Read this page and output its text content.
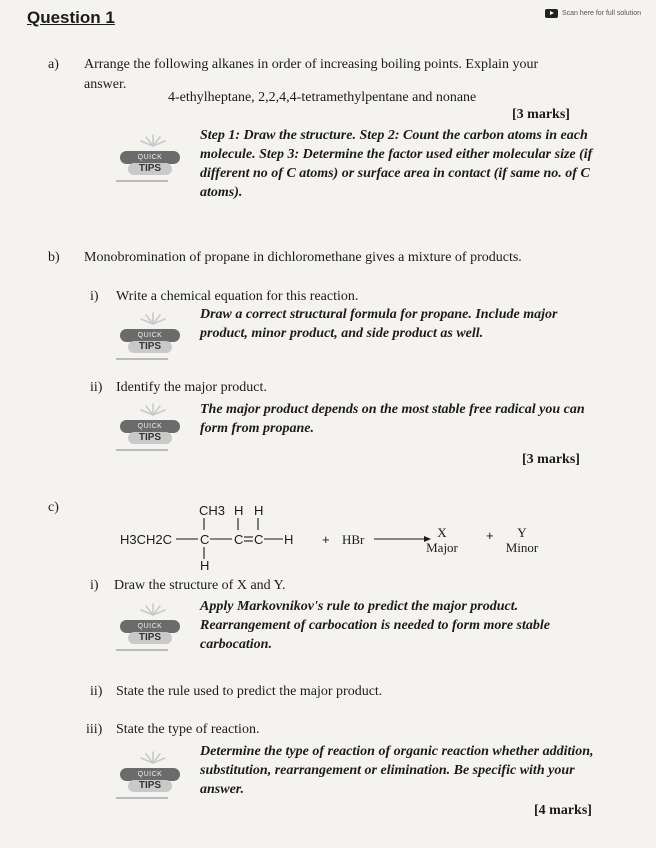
Question 1	Scan here for full solution
a) Arrange the following alkanes in order of increasing boiling points. Explain your
answer.
4-ethylheptane, 2,2,4,4-tetramethylpentane and nonane
[3 marks]
QUICK
TIPS
Step 1: Draw the structure. Step 2: Count the carbon atoms in each molecule. Step 3: Determine the factor used either molecular size (if different no of C atoms) or surface area in contact (if same no. of C atoms).
b) Monobromination of propane in dichloromethane gives a mixture of products.
i) Write a chemical equation for this reaction.
QUICK
TIPS
Draw a correct structural formula for propane. Include major product, minor product, and side product as well.
ii) Identify the major product.
QUICK
TIPS
The major product depends on the most stable free radical you can form from propane.
[3 marks]
c)
H3CH2C
CH3 H H
C C C H
H
+ HBr	X
Major
+ Y
Minor
i) Draw the structure of X and Y.
QUICK
TIPS
Apply Markovnikov's rule to predict the major product. Rearrangement of carbocation is needed to form more stable carbocation.
ii) State the rule used to predict the major product.
iii) State the type of reaction.
QUICK
TIPS
Determine the type of reaction of organic reaction whether addition, substitution, rearrangement or elimination. Be specific with your answer.
[4 marks]
